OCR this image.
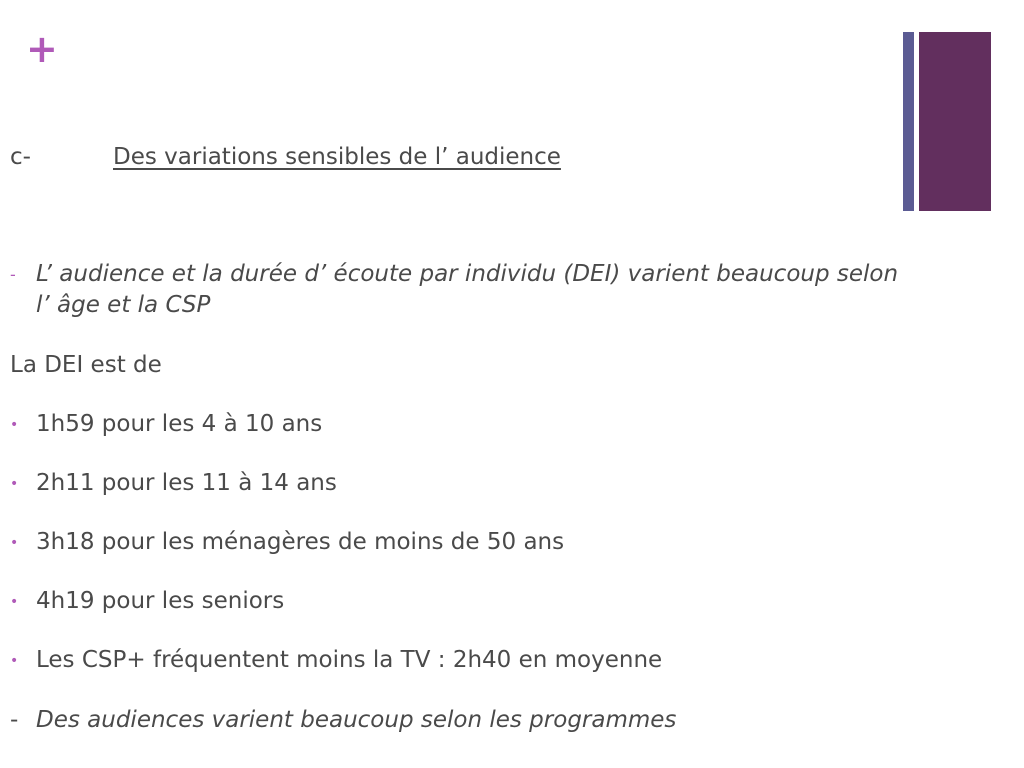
+
c-	Des variations sensibles de l’ audience
- L’ audience et la durée d’ écoute par individu (DEI) varient beaucoup selon
l’ âge et la CSP
La DEI est de
• 1h59 pour les 4 à 10 ans
• 2h11 pour les 11 à 14 ans
• 3h18 pour les ménagères de moins de 50 ans
• 4h19 pour les seniors
• Les CSP+ fréquentent moins la TV : 2h40 en moyenne
- Des audiences varient beaucoup selon les programmes
